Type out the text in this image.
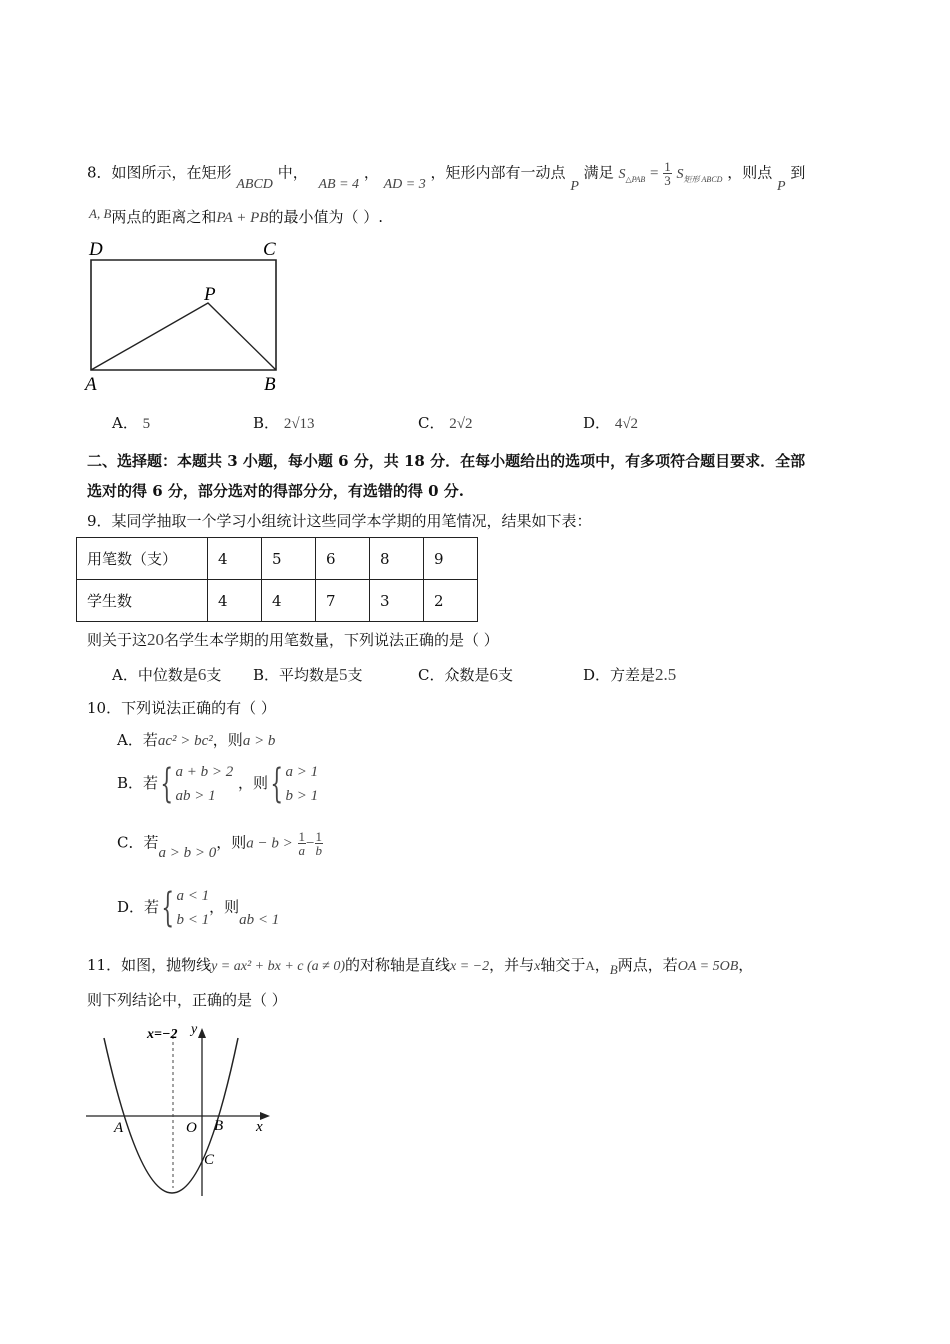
8．如图所示，在矩形 ABCD 中， AB = 4 ， AD = 3 ，矩形内部有一动点 P 满足 $S_{\triangle PAB} = \frac{1}{3} S_{矩形 ABCD}$ ，则点 P 到
A, B两点的距离之和PA + PB的最小值为（ ）.
D	C
P
A	B
A． 5	B． 2√13	C． 2√2	D． 4√2
二、选择题：本题共 3 小题，每小题 6 分，共 18 分．在每小题给出的选项中，有多项符合题目要求．全部
选对的得 6 分，部分选对的得部分分，有选错的得 0 分.
9．某同学抽取一个学习小组统计这些同学本学期的用笔情况，结果如下表：
用笔数（支）	4	5	6	8	9
学生数	4	4	7	3	2
则关于这20名学生本学期的用笔数量，下列说法正确的是（ ）
A．中位数是6支 B．平均数是5支	C．众数是6支	D．方差是2.5
10．下列说法正确的有（ ）
A．若ac² > bc²，则a > b
B．若{ a + b > 2
ab > 1
，则{ a > 1
b > 1
C．若a > b > 0，则$a - b > \frac{1}{a} - \frac{1}{b}$
D．若{ a < 1
b < 1
，则ab < 1
11．如图，抛物线y = ax² + bx + c (a ≠ 0)的对称轴是直线x = −2，并与x轴交于A，B两点，若OA = 5OB，
则下列结论中，正确的是（ ）
x=−2 y
x
A	O B
C
